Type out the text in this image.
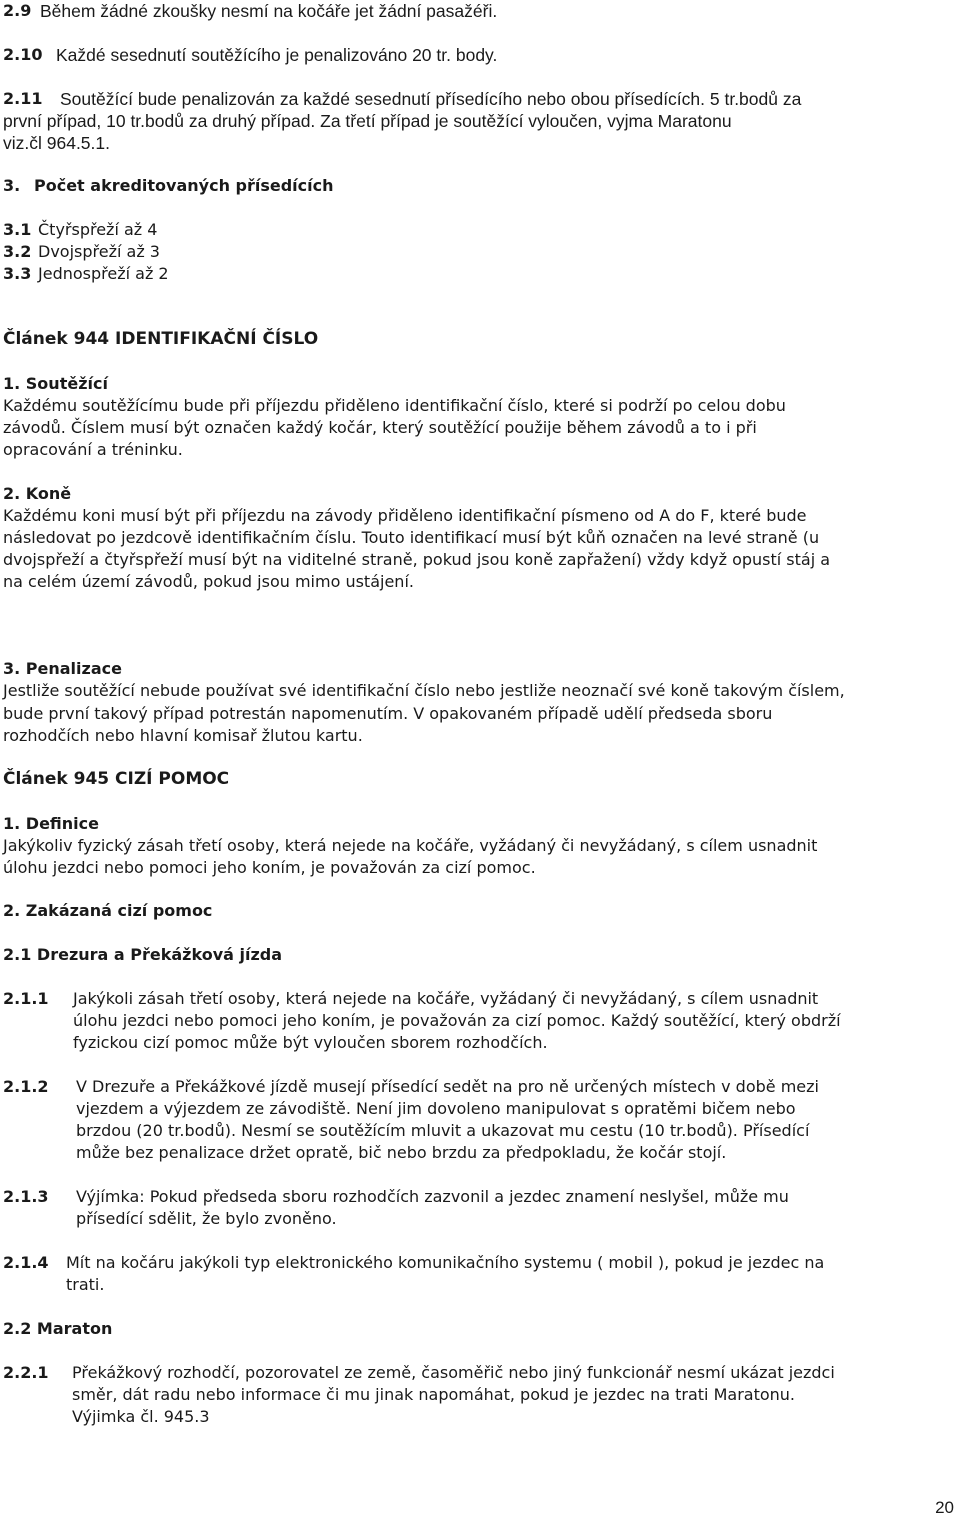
2.9 Během žádné zkoušky nesmí na kočáře jet žádní pasažéři.
2.10 Každé sesednutí soutěžícího je penalizováno 20 tr. body.
2.11 Soutěžící bude penalizován za každé sesednutí přísedícího nebo obou přísedících. 5 tr.bodů za
první případ, 10 tr.bodů za druhý případ. Za třetí případ je soutěžící vyloučen, vyjma Maratonu
viz.čl 964.5.1.
3. Počet akreditovaných přísedících
3.1 Čtyřspřeží až 4
3.2 Dvojspřeží až 3
3.3 Jednospřeží až 2
Článek 944 IDENTIFIKAČNÍ ČÍSLO
1. Soutěžící
Každému soutěžícímu bude při příjezdu přiděleno identifikační číslo, které si podrží po celou dobu
závodů. Číslem musí být označen každý kočár, který soutěžící použije během závodů a to i při
opracování a tréninku.
2. Koně
Každému koni musí být při příjezdu na závody přiděleno identifikační písmeno od A do F, které bude
následovat po jezdcově identifikačním číslu. Touto identifikací musí být kůň označen na levé straně (u
dvojspřeží a čtyřspřeží musí být na viditelné straně, pokud jsou koně zapřažení) vždy když opustí stáj a
na celém území závodů, pokud jsou mimo ustájení.
3. Penalizace
Jestliže soutěžící nebude používat své identifikační číslo nebo jestliže neoznačí své koně takovým číslem,
bude první takový případ potrestán napomenutím. V opakovaném případě udělí předseda sboru
rozhodčích nebo hlavní komisař žlutou kartu.
Článek 945 CIZÍ POMOC
1. Definice
Jakýkoliv fyzický zásah třetí osoby, která nejede na kočáře, vyžádaný či nevyžádaný, s cílem usnadnit
úlohu jezdci nebo pomoci jeho koním, je považován za cizí pomoc.
2. Zakázaná cizí pomoc
2.1 Drezura a Překážková jízda
2.1.1 Jakýkoli zásah třetí osoby, která nejede na kočáře, vyžádaný či nevyžádaný, s cílem usnadnit
úlohu jezdci nebo pomoci jeho koním, je považován za cizí pomoc. Každý soutěžící, který obdrží
fyzickou cizí pomoc může být vyloučen sborem rozhodčích.
2.1.2 V Drezuře a Překážkové jízdě musejí přísedící sedět na pro ně určených místech v době mezi
vjezdem a výjezdem ze závodiště. Není jim dovoleno manipulovat s opratěmi bičem nebo
brzdou (20 tr.bodů). Nesmí se soutěžícím mluvit a ukazovat mu cestu (10 tr.bodů). Přísedící
může bez penalizace držet opratě, bič nebo brzdu za předpokladu, že kočár stojí.
2.1.3 Výjímka: Pokud předseda sboru rozhodčích zazvonil a jezdec znamení neslyšel, může mu
přísedící sdělit, že bylo zvoněno.
2.1.4 Mít na kočáru jakýkoli typ elektronického komunikačního systemu ( mobil ), pokud je jezdec na
trati.
2.2 Maraton
2.2.1 Překážkový rozhodčí, pozorovatel ze země, časoměřič nebo jiný funkcionář nesmí ukázat jezdci
směr, dát radu nebo informace či mu jinak napomáhat, pokud je jezdec na trati Maratonu.
Výjimka čl. 945.3
20
